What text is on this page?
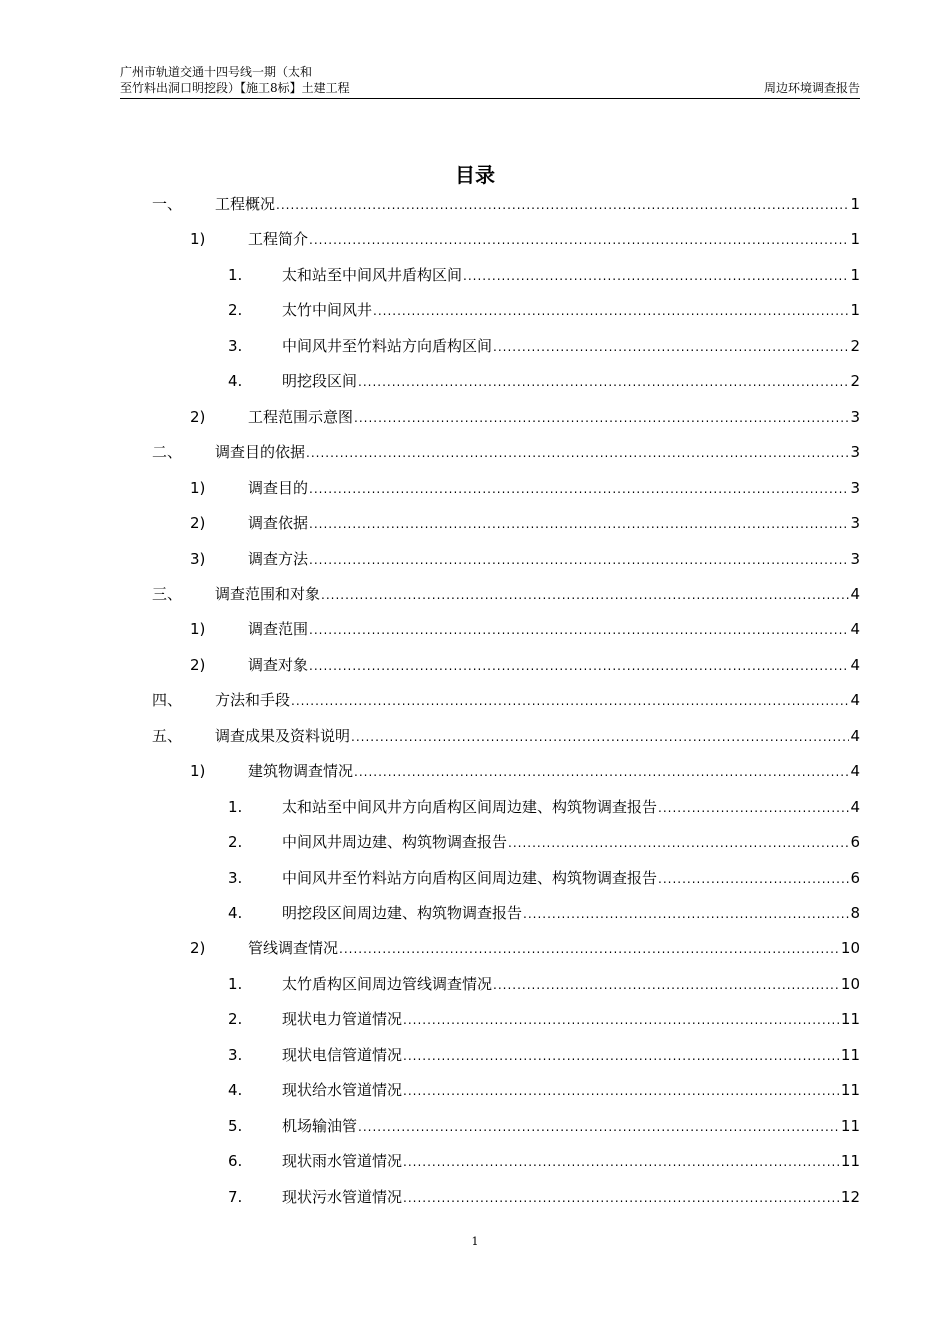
广州市轨道交通十四号线一期（太和
至竹料出洞口明挖段）【施工8标】土建工程	周边环境调查报告
目录
一、 工程概况 .....	1
1)	工程简介 .....	1
1.	太和站至中间风井盾构区间 .....	1
2.	太竹中间风井 .....	1
3.	中间风井至竹料站方向盾构区间 .....	2
4.	明挖段区间 .....	2
2)	工程范围示意图 .....	3
二、 调查目的依据 .....	3
1)	调查目的 .....	3
2)	调查依据 .....	3
3)	调查方法 .....	3
三、 调查范围和对象 .....	4
1)	调查范围 .....	4
2)	调查对象 .....	4
四、 方法和手段 .....	4
五、 调查成果及资料说明 .....	4
1)	建筑物调查情况 .....	4
1.	太和站至中间风井方向盾构区间周边建、构筑物调查报告 .....	4
2.	中间风井周边建、构筑物调查报告 .....	6
3.	中间风井至竹料站方向盾构区间周边建、构筑物调查报告 .....	6
4.	明挖段区间周边建、构筑物调查报告 .....	8
2)	管线调查情况 .....	10
1.	太竹盾构区间周边管线调查情况 .....	10
2.	现状电力管道情况 .....	11
3.	现状电信管道情况 .....	11
4.	现状给水管道情况 .....	11
5.	机场输油管 .....	11
6.	现状雨水管道情况 .....	11
7.	现状污水管道情况 .....	12
1
